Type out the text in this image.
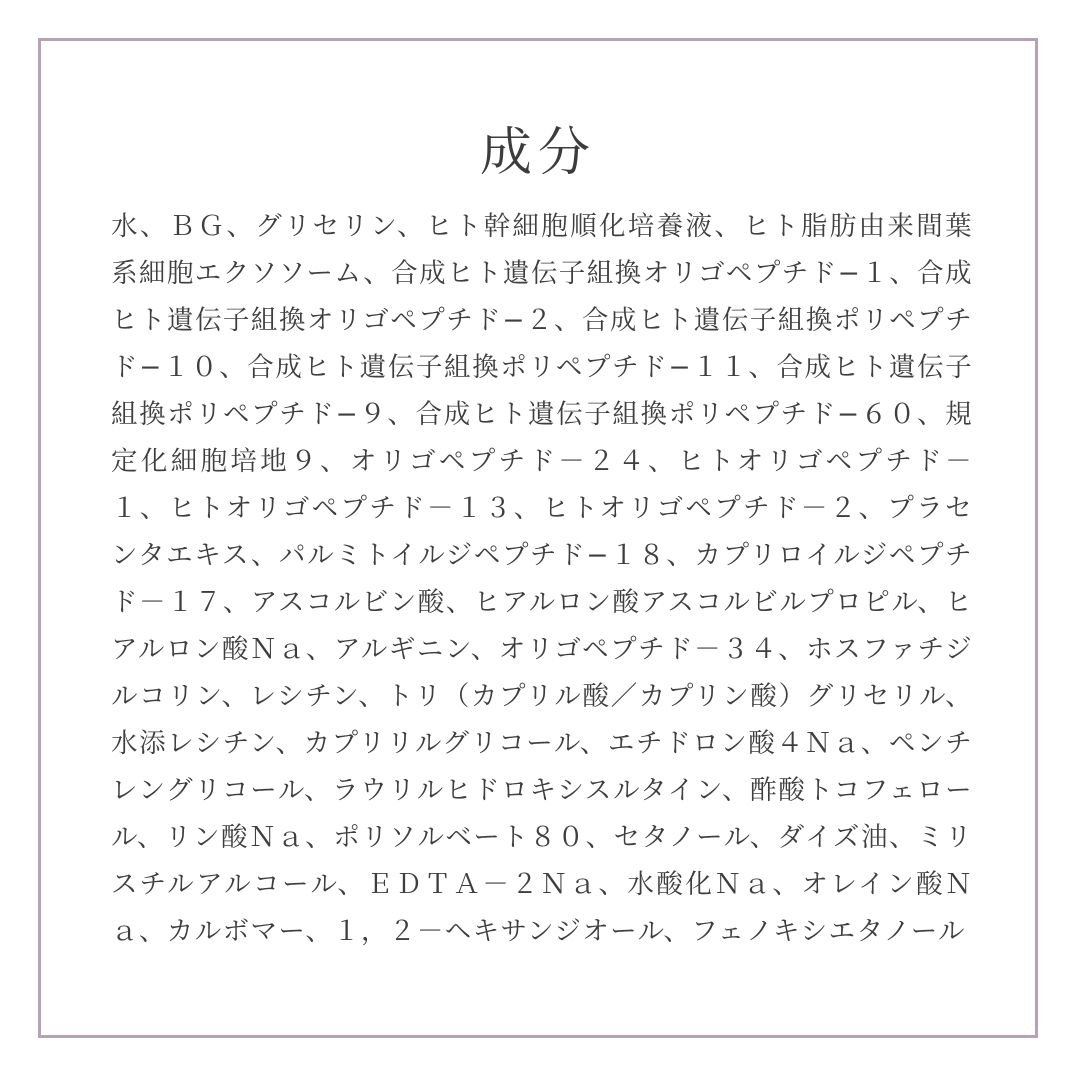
成分

水、ＢＧ、グリセリン、ヒト幹細胞順化培養液、ヒト脂肪由来間葉系細胞エクソソーム、合成ヒト遺伝子組換オリゴペプチド−１、合成ヒト遺伝子組換オリゴペプチド−２、合成ヒト遺伝子組換ポリペプチド−１０、合成ヒト遺伝子組換ポリペプチド−１１、合成ヒト遺伝子組換ポリペプチド−９、合成ヒト遺伝子組換ポリペプチド−６０、規定化細胞培地９、オリゴペプチド－２４、ヒトオリゴペプチド－１、ヒトオリゴペプチド－１３、ヒトオリゴペプチド－２、プラセンタエキス、パルミトイルジペプチド−１８、カプリロイルジペプチド－１７、アスコルビン酸、ヒアルロン酸アスコルビルプロピル、ヒアルロン酸Ｎａ、アルギニン、オリゴペプチド－３４、ホスファチジルコリン、レシチン、トリ（カプリル酸／カプリン酸）グリセリル、水添レシチン、カプリリルグリコール、エチドロン酸４Ｎａ、ペンチレングリコール、ラウリルヒドロキシスルタイン、酢酸トコフェロール、リン酸Ｎａ、ポリソルベート８０、セタノール、ダイズ油、ミリスチルアルコール、ＥＤＴＡ－２Ｎａ、水酸化Ｎａ、オレイン酸Ｎａ、カルボマー、１，２－ヘキサンジオール、フェノキシエタノール
